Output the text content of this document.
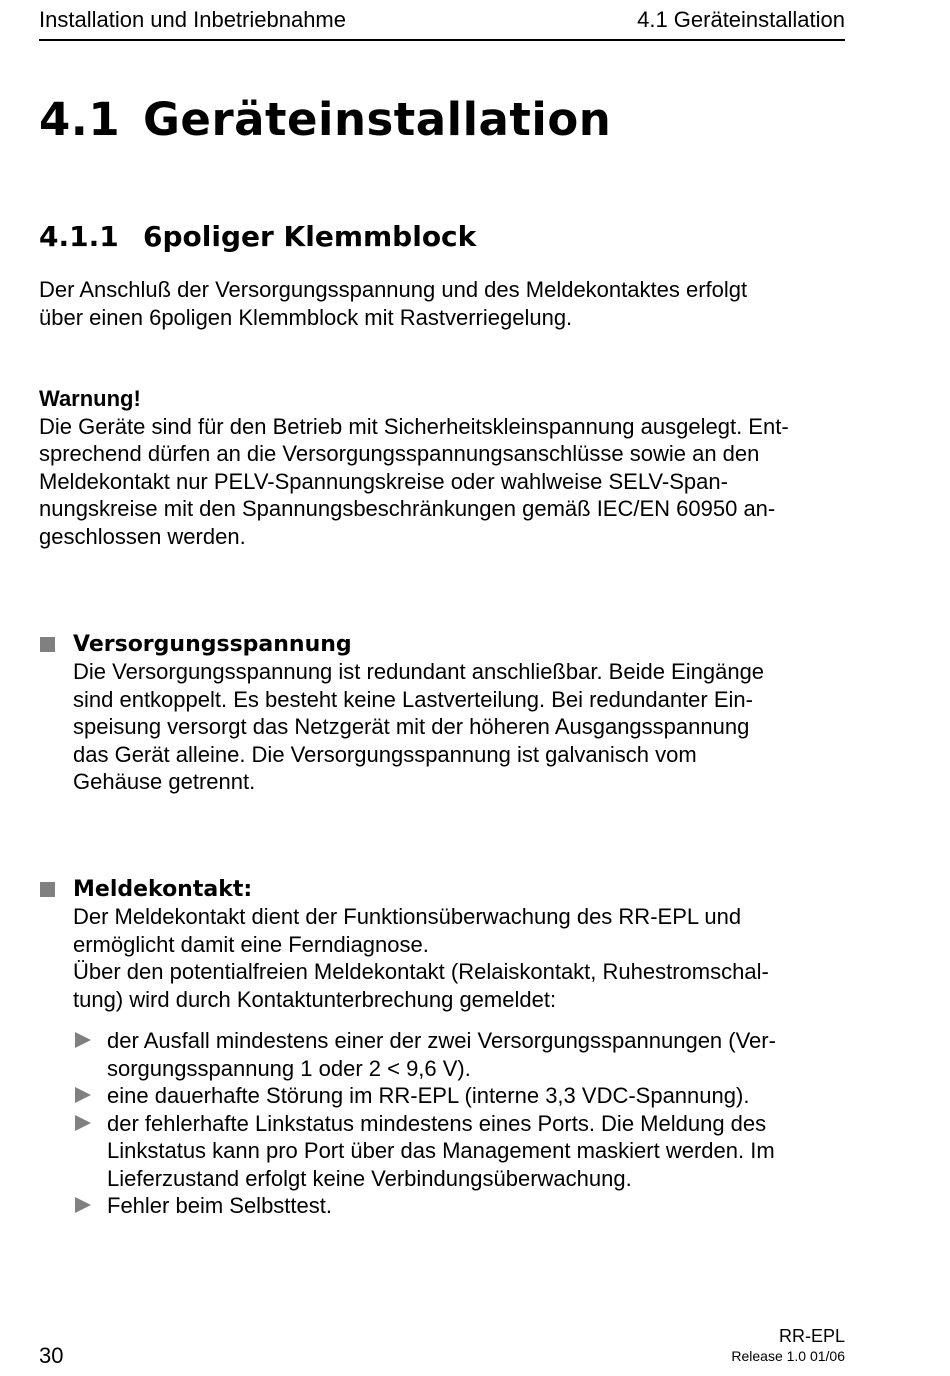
Installation und Inbetriebnahme	4.1 Geräteinstallation
4.1 Geräteinstallation
4.1.1 6poliger Klemmblock
Der Anschluß der Versorgungsspannung und des Meldekontaktes erfolgt
über einen 6poligen Klemmblock mit Rastverriegelung.
Warnung!
Die Geräte sind für den Betrieb mit Sicherheitskleinspannung ausgelegt. Ent-
sprechend dürfen an die Versorgungsspannungsanschlüsse sowie an den
Meldekontakt nur PELV-Spannungskreise oder wahlweise SELV-Span-
nungskreise mit den Spannungsbeschränkungen gemäß IEC/EN 60950 an-
geschlossen werden.
Versorgungsspannung
Die Versorgungsspannung ist redundant anschließbar. Beide Eingänge
sind entkoppelt. Es besteht keine Lastverteilung. Bei redundanter Ein-
speisung versorgt das Netzgerät mit der höheren Ausgangsspannung
das Gerät alleine. Die Versorgungsspannung ist galvanisch vom
Gehäuse getrennt.
Meldekontakt:
Der Meldekontakt dient der Funktionsüberwachung des RR-EPL und
ermöglicht damit eine Ferndiagnose.
Über den potentialfreien Meldekontakt (Relaiskontakt, Ruhestromschal-
tung) wird durch Kontaktunterbrechung gemeldet:
der Ausfall mindestens einer der zwei Versorgungsspannungen (Ver-
sorgungsspannung 1 oder 2 < 9,6 V).
eine dauerhafte Störung im RR-EPL (interne 3,3 VDC-Spannung).
der fehlerhafte Linkstatus mindestens eines Ports. Die Meldung des
Linkstatus kann pro Port über das Management maskiert werden. Im
Lieferzustand erfolgt keine Verbindungsüberwachung.
Fehler beim Selbsttest.
30
RR-EPL
Release 1.0 01/06
